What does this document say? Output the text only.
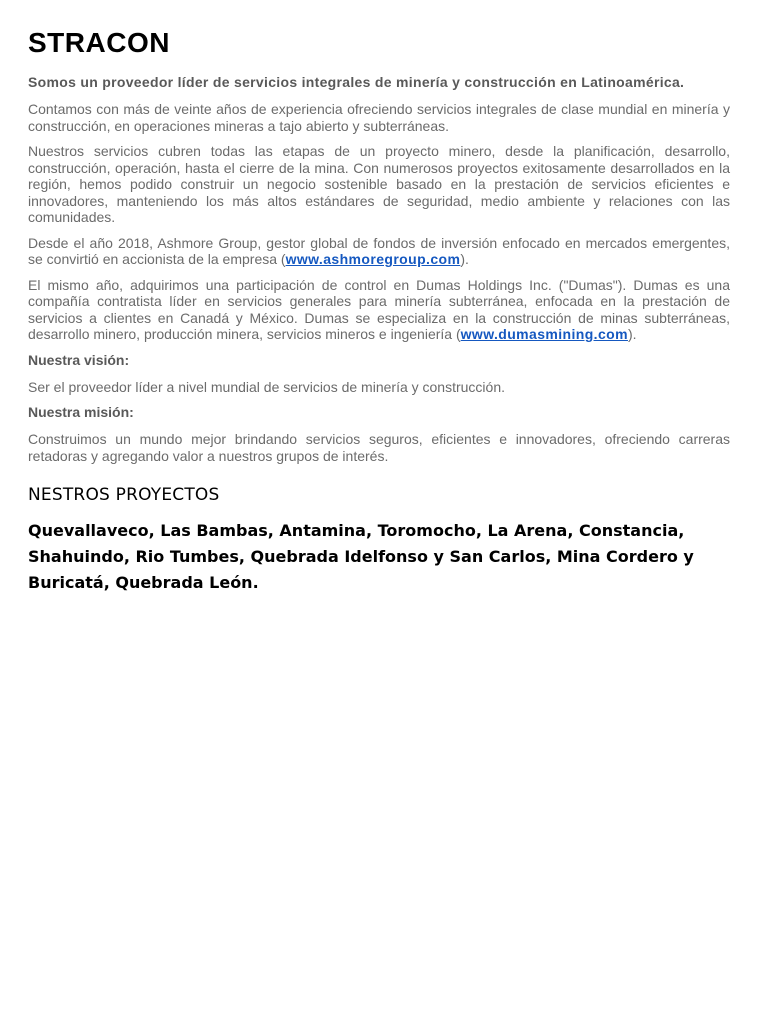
STRACON

Somos un proveedor líder de servicios integrales de minería y construcción en Latinoamérica.

Contamos con más de veinte años de experiencia ofreciendo servicios integrales de clase mundial en minería y construcción, en operaciones mineras a tajo abierto y subterráneas.

Nuestros servicios cubren todas las etapas de un proyecto minero, desde la planificación, desarrollo, construcción, operación, hasta el cierre de la mina. Con numerosos proyectos exitosamente desarrollados en la región, hemos podido construir un negocio sostenible basado en la prestación de servicios eficientes e innovadores, manteniendo los más altos estándares de seguridad, medio ambiente y relaciones con las comunidades.

Desde el año 2018, Ashmore Group, gestor global de fondos de inversión enfocado en mercados emergentes, se convirtió en accionista de la empresa (www.ashmoregroup.com).

El mismo año, adquirimos una participación de control en Dumas Holdings Inc. ("Dumas"). Dumas es una compañía contratista líder en servicios generales para minería subterránea, enfocada en la prestación de servicios a clientes en Canadá y México. Dumas se especializa en la construcción de minas subterráneas, desarrollo minero, producción minera, servicios mineros e ingeniería (www.dumasmining.com).

Nuestra visión:

Ser el proveedor líder a nivel mundial de servicios de minería y construcción.

Nuestra misión:

Construimos un mundo mejor brindando servicios seguros, eficientes e innovadores, ofreciendo carreras retadoras y agregando valor a nuestros grupos de interés.

NESTROS PROYECTOS

Quevallaveco, Las Bambas, Antamina, Toromocho, La Arena, Constancia, Shahuindo, Rio Tumbes, Quebrada Idelfonso y San Carlos, Mina Cordero y Buricatá, Quebrada León.
